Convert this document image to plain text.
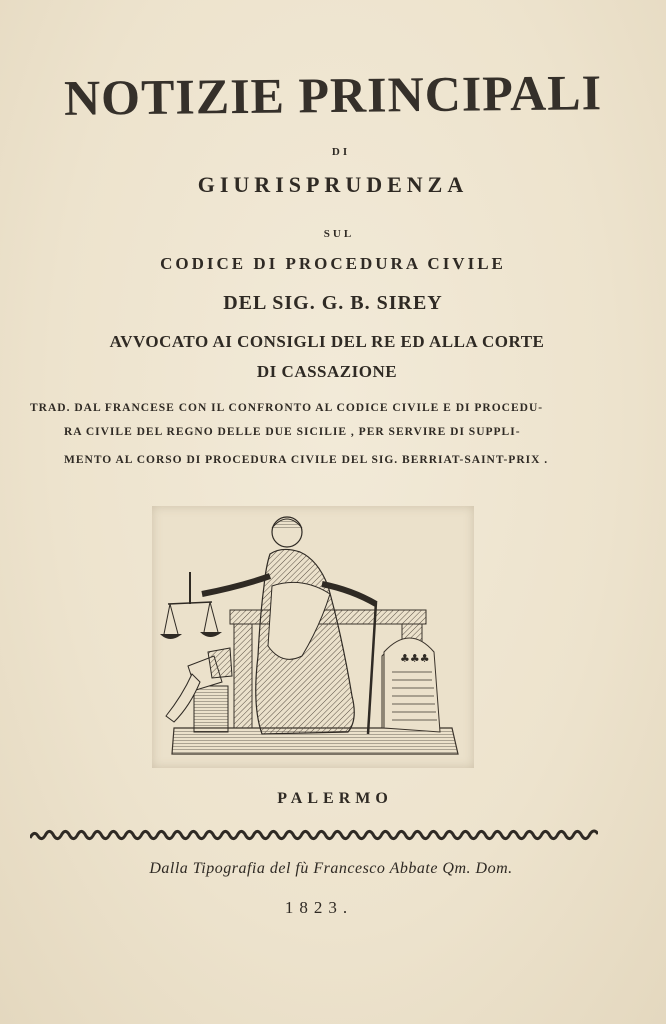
NOTIZIE PRINCIPALI
DI
GIURISPRUDENZA
SUL
CODICE DI PROCEDURA CIVILE
DEL SIG. G. B. SIREY
AVVOCATO AI CONSIGLI DEL RE ED ALLA CORTE
DI CASSAZIONE
TRAD. DAL FRANCESE CON IL CONFRONTO AL CODICE CIVILE E DI PROCEDU-
RA CIVILE DEL REGNO DELLE DUE SICILIE , PER SERVIRE DI SUPPLI-
MENTO AL CORSO DI PROCEDURA CIVILE DEL SIG. BERRIAT-SAINT-PRIX .
♣♣♣
PALERMO
Dalla Tipografia del fù Francesco Abbate Qm. Dom.
1823.
